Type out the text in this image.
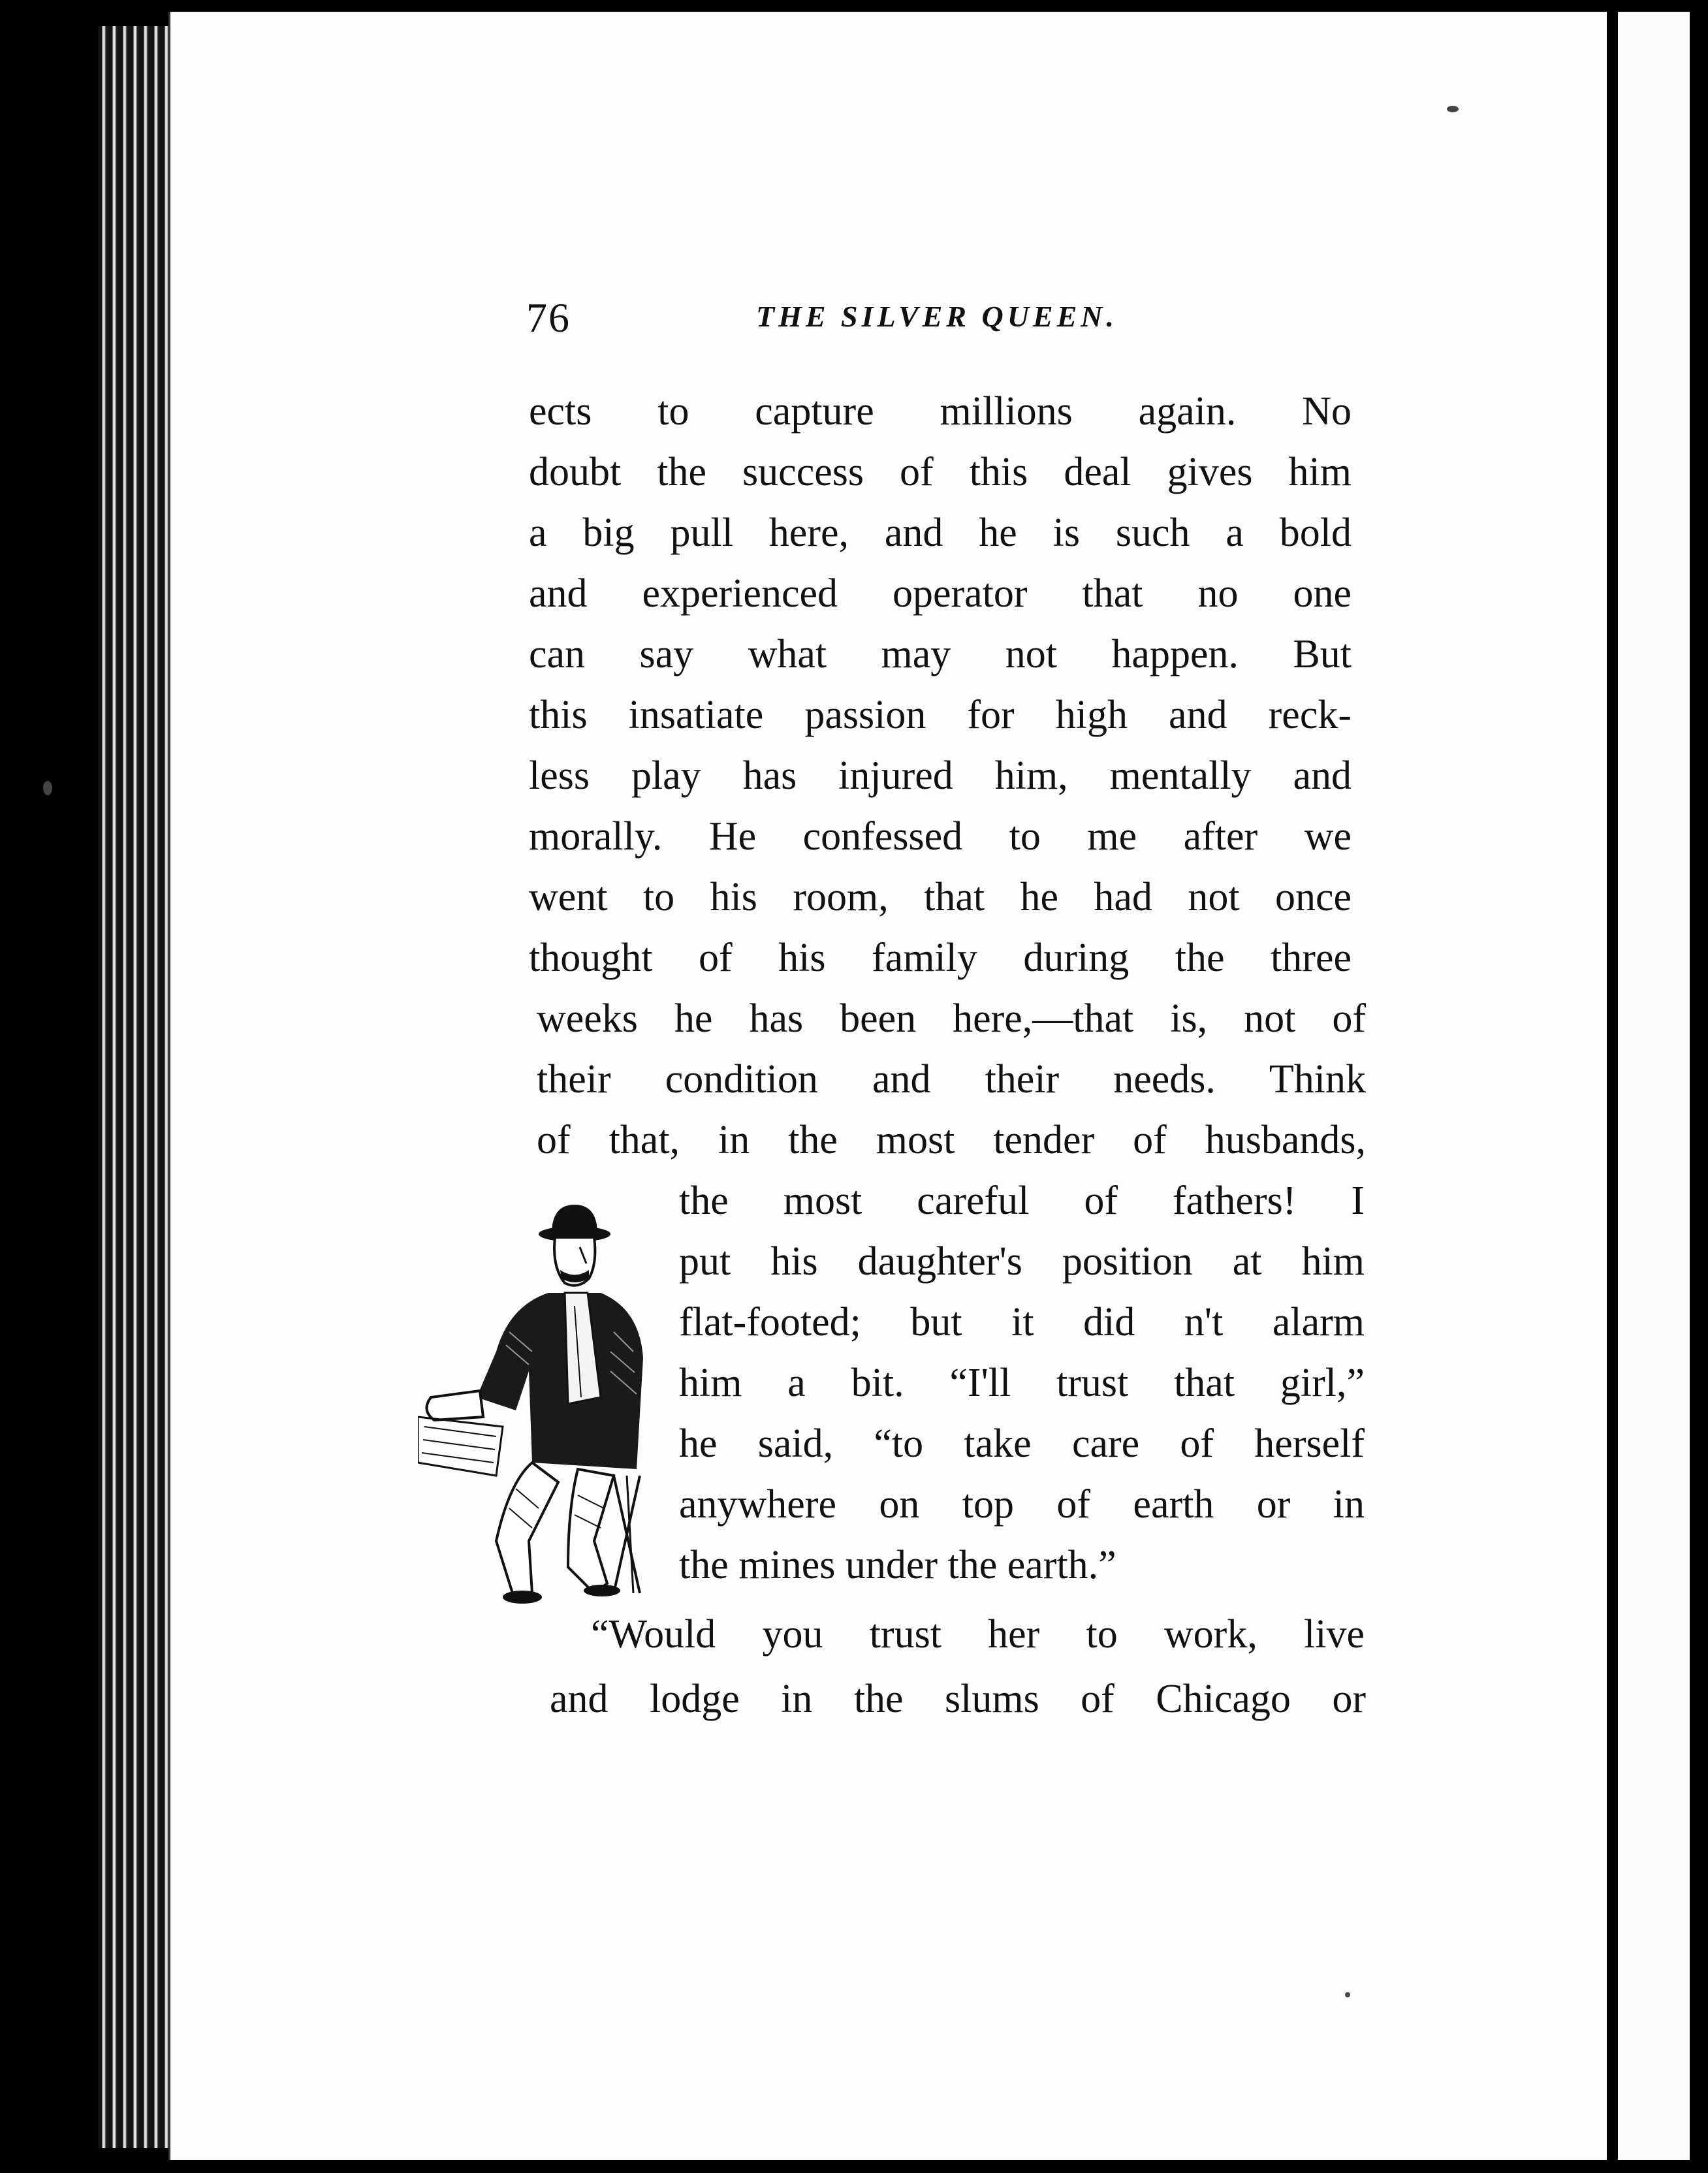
76	THE SILVER QUEEN.
ects to capture millions again. No
doubt the success of this deal gives him
a big pull here, and he is such a bold
and experienced operator that no one
can say what may not happen. But
this insatiate passion for high and reck-
less play has injured him, mentally and
morally. He confessed to me after we
went to his room, that he had not once
thought of his family during the three
weeks he has been here,—that is, not of
their condition and their needs. Think
of that, in the most tender of husbands,
the most careful of fathers! I
put his daughter's position at him
flat-footed; but it did n't alarm
him a bit. “I'll trust that girl,”
he said, “to take care of herself
anywhere on top of earth or in
the mines under the earth.”
“Would you trust her to work, live
and lodge in the slums of Chicago or
